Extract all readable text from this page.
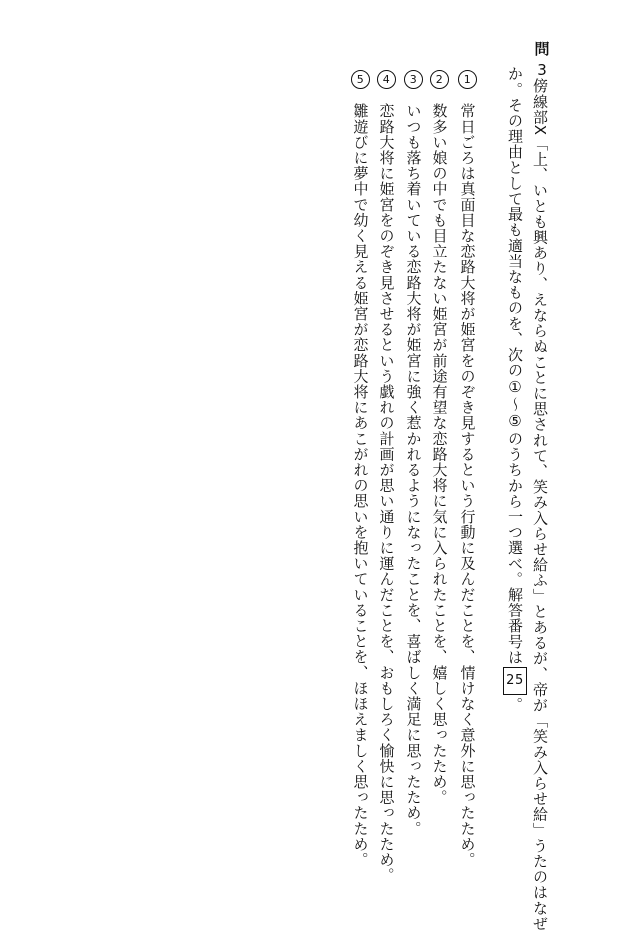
問
3
傍線部X「上、いとも興あり、えならぬことに思されて、笑み入らせ給ふ」とあるが、帝が「笑み入らせ給」うたのはなぜ
か。その理由として最も適当なものを、次の①～⑤のうちから一つ選べ。解答番号は25。
1常日ごろは真面目な恋路大将が姫宮をのぞき見するという行動に及んだことを、情けなく意外に思ったため。
2数多い娘の中でも目立たない姫宮が前途有望な恋路大将に気に入られたことを、嬉しく思ったため。
3いつも落ち着いている恋路大将が姫宮に強く惹かれるようになったことを、喜ばしく満足に思ったため。
4恋路大将に姫宮をのぞき見させるという戯れの計画が思い通りに運んだことを、おもしろく愉快に思ったため。
5雛遊びに夢中で幼く見える姫宮が恋路大将にあこがれの思いを抱いていることを、ほほえましく思ったため。
